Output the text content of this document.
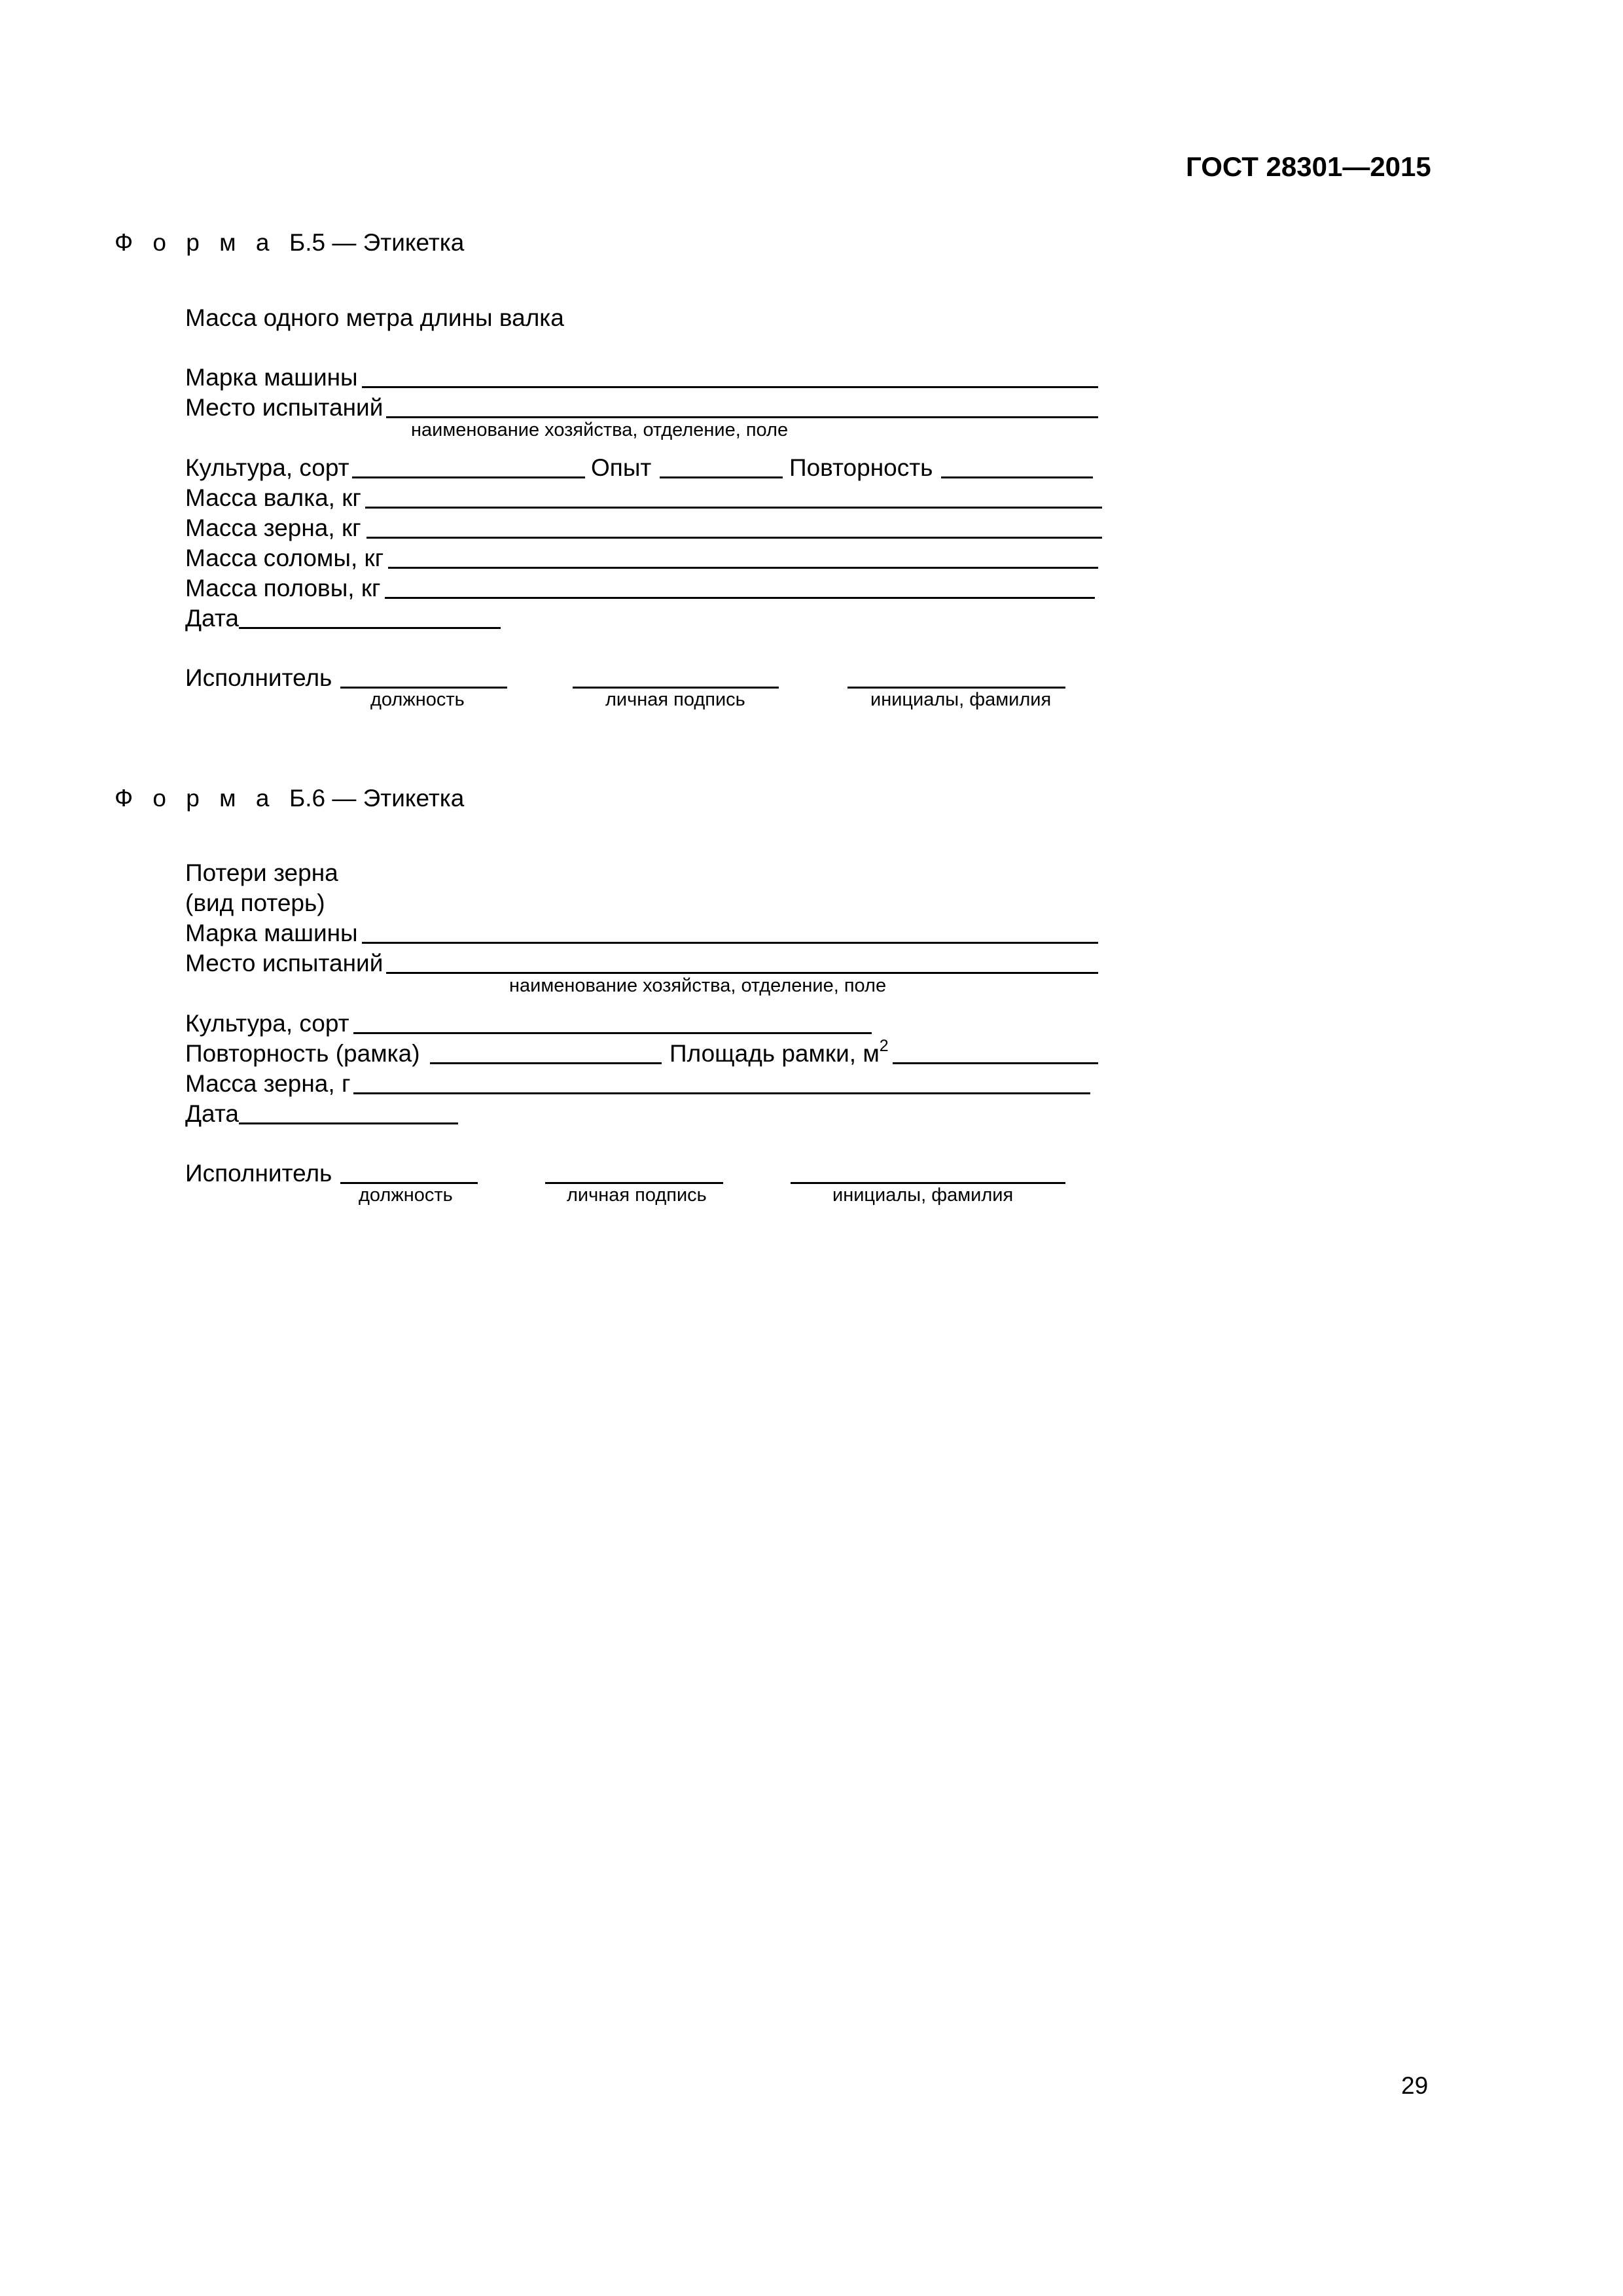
ГОСТ 28301—2015
Ф о р м а Б.5 — Этикетка
Масса одного метра длины валка
Марка машины
Место испытаний
наименование хозяйства, отделение, поле
Культура, сорт	Опыт	Повторность
Масса валка, кг
Масса зерна, кг
Масса соломы, кг
Масса половы, кг
Дата
Исполнитель
должность	личная подпись	инициалы, фамилия
Ф о р м а Б.6 — Этикетка
Потери зерна
(вид потерь)
Марка машины
Место испытаний
наименование хозяйства, отделение, поле
Культура, сорт
Повторность (рамка)	Площадь рамки, $м^2$
Масса зерна, г
Дата
Исполнитель
должность	личная подпись	инициалы, фамилия
29
